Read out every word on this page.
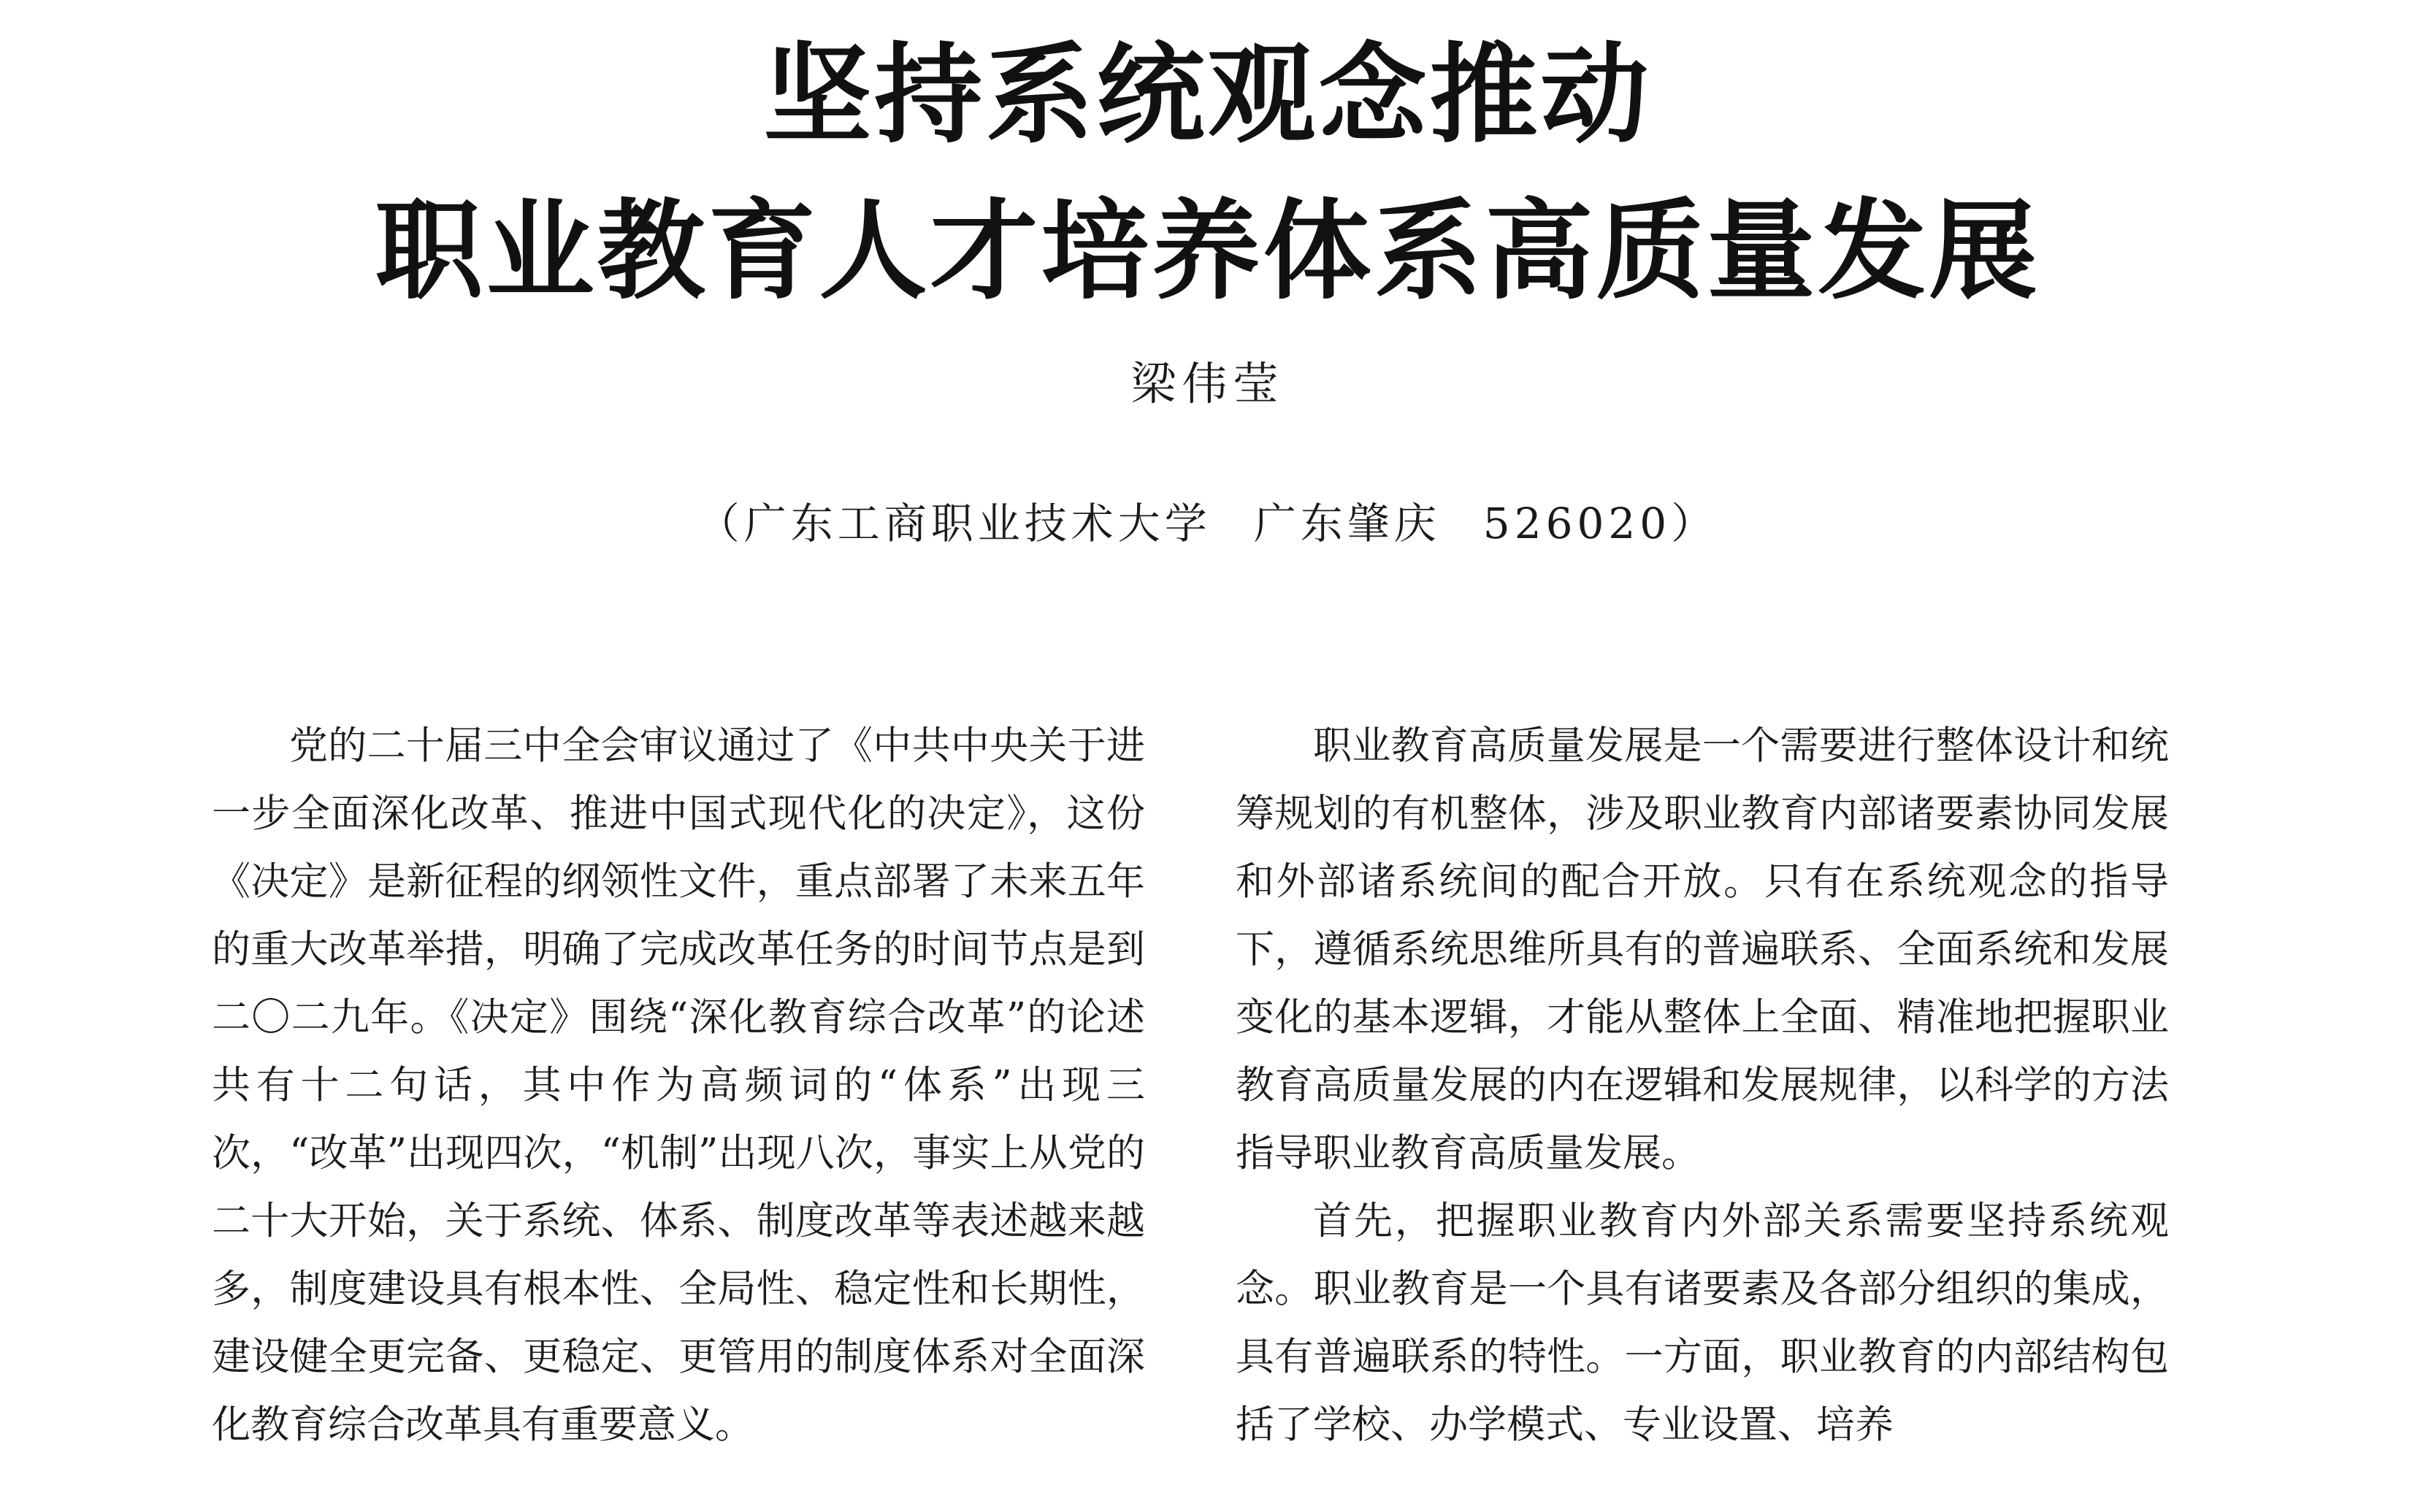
坚持系统观念推动
职业教育人才培养体系高质量发展
梁伟莹
（广东工商职业技术大学 广东肇庆 526020）

党的二十届三中全会审议通过了《中共中央关于进一步全面深化改革、推进中国式现代化的决定》，这份《决定》是新征程的纲领性文件，重点部署了未来五年的重大改革举措，明确了完成改革任务的时间节点是到二〇二九年。《决定》围绕“深化教育综合改革”的论述共有十二句话，其中作为高频词的“体系”出现三次，“改革”出现四次，“机制”出现八次，事实上从党的二十大开始，关于系统、体系、制度改革等表述越来越多，制度建设具有根本性、全局性、稳定性和长期性，建设健全更完备、更稳定、更管用的制度体系对全面深化教育综合改革具有重要意义。

职业教育高质量发展是一个需要进行整体设计和统筹规划的有机整体，涉及职业教育内部诸要素协同发展和外部诸系统间的配合开放。只有在系统观念的指导下，遵循系统思维所具有的普遍联系、全面系统和发展变化的基本逻辑，才能从整体上全面、精准地把握职业教育高质量发展的内在逻辑和发展规律，以科学的方法指导职业教育高质量发展。

首先，把握职业教育内外部关系需要坚持系统观念。职业教育是一个具有诸要素及各部分组织的集成，具有普遍联系的特性。一方面，职业教育的内部结构包括了学校、办学模式、专业设置、培养
